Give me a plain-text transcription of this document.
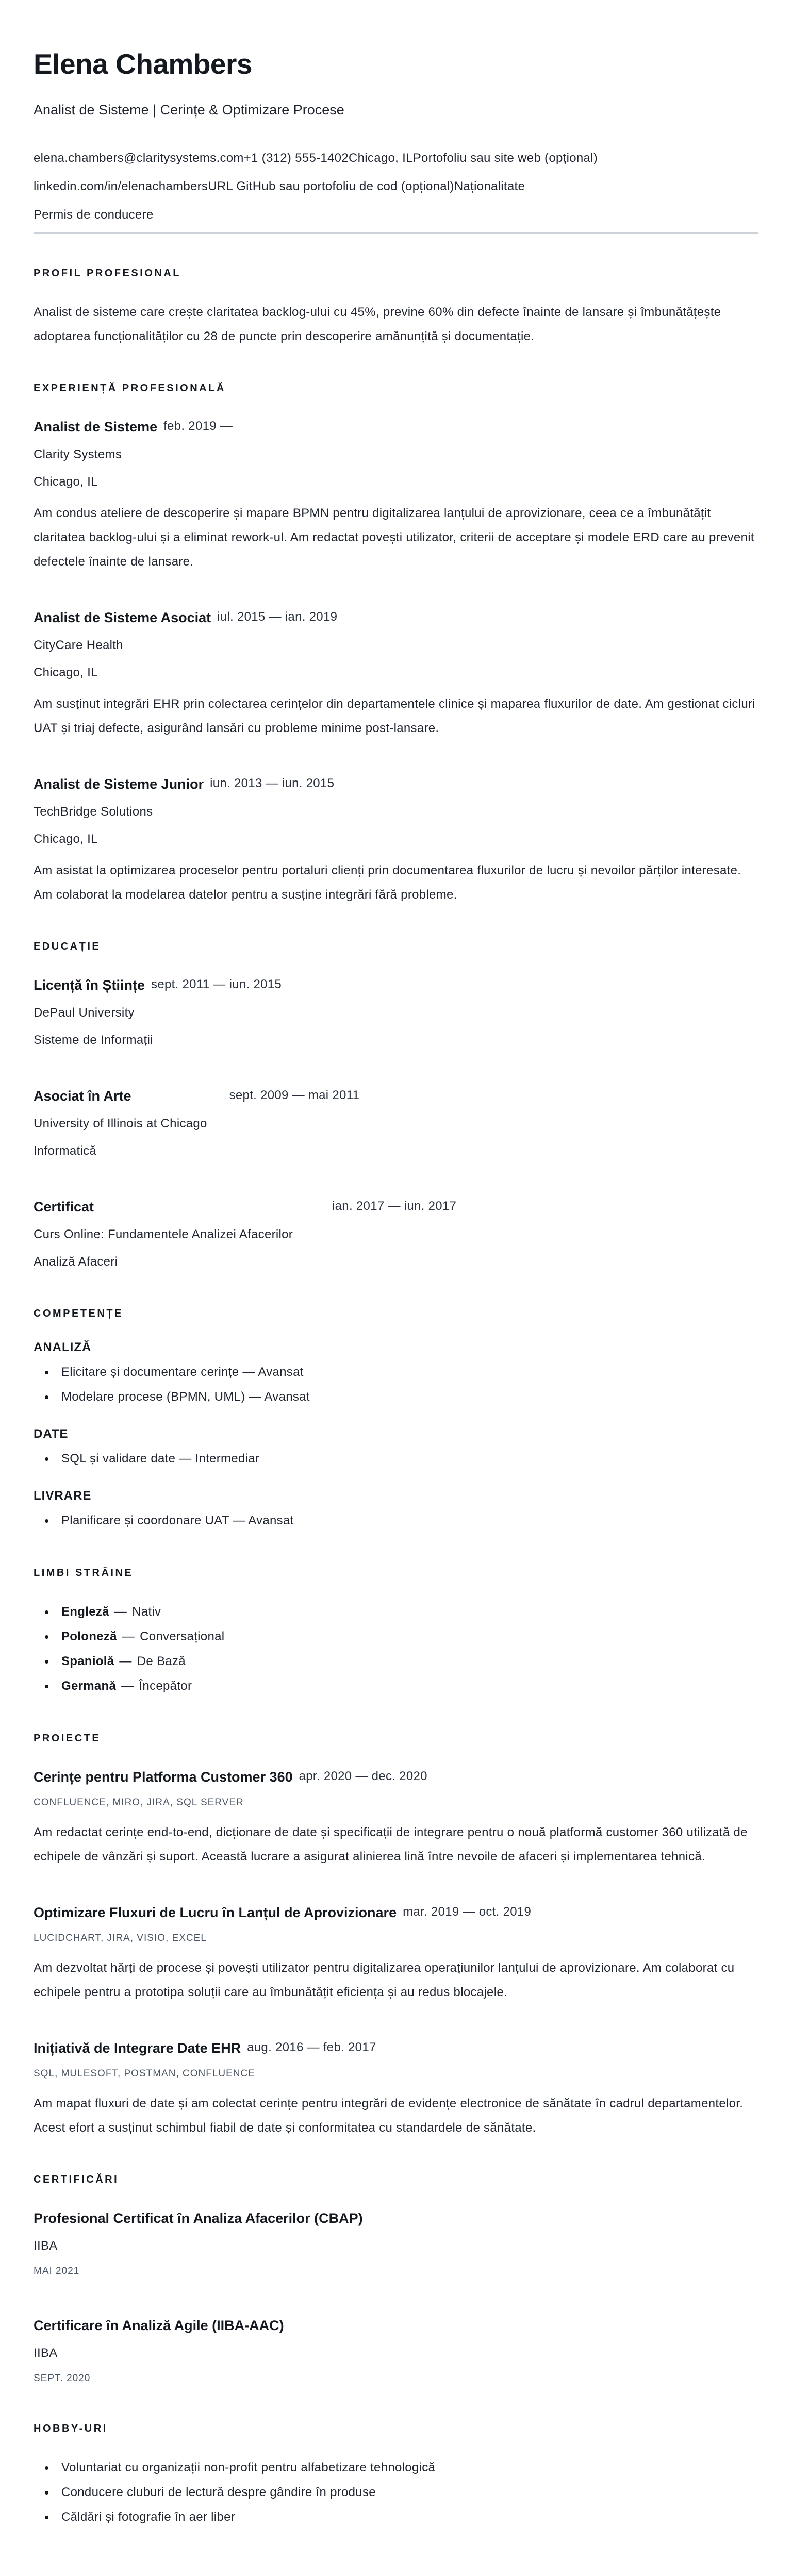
Elena Chambers

Analist de Sisteme | Cerințe & Optimizare Procese

elena.chambers@claritysystems.com+1 (312) 555-1402Chicago, ILPortofoliu sau site web (opțional)

linkedin.com/in/elenachambersURL GitHub sau portofoliu de cod (opțional)Naționalitate

Permis de conducere

PROFIL PROFESIONAL

Analist de sisteme care crește claritatea backlog-ului cu 45%, previne 60% din defecte înainte de lansare și îmbunătățește adoptarea funcționalităților cu 28 de puncte prin descoperire amănunțită și documentație.

EXPERIENȚĂ PROFESIONALĂ
Analist de Sisteme feb. 2019 —

Clarity Systems

Chicago, IL

Am condus ateliere de descoperire și mapare BPMN pentru digitalizarea lanțului de aprovizionare, ceea ce a îmbunătățit claritatea backlog-ului și a eliminat rework-ul. Am redactat povești utilizator, criterii de acceptare și modele ERD care au prevenit defectele înainte de lansare.

Analist de Sisteme Asociat iul. 2015 — ian. 2019

CityCare Health

Chicago, IL

Am susținut integrări EHR prin colectarea cerințelor din departamentele clinice și maparea fluxurilor de date. Am gestionat cicluri UAT și triaj defecte, asigurând lansări cu probleme minime post-lansare.

Analist de Sisteme Junior iun. 2013 — iun. 2015

TechBridge Solutions

Chicago, IL

Am asistat la optimizarea proceselor pentru portaluri clienți prin documentarea fluxurilor de lucru și nevoilor părților interesate. Am colaborat la modelarea datelor pentru a susține integrări fără probleme.

EDUCAȚIE
Licență în Științe sept. 2011 — iun. 2015

DePaul University

Sisteme de Informații

Asociat în Arte	sept. 2009 — mai 2011

University of Illinois at Chicago

Informatică

Certificat	ian. 2017 — iun. 2017

Curs Online: Fundamentele Analizei Afacerilor

Analiză Afaceri

COMPETENȚE
ANALIZĂ
• Elicitare și documentare cerințe — Avansat
• Modelare procese (BPMN, UML) — Avansat
DATE
• SQL și validare date — Intermediar
LIVRARE
• Planificare și coordonare UAT — Avansat
LIMBI STRĂINE
• Engleză — Nativ
• Poloneză — Conversațional
• Spaniolă — De Bază
• Germană — Începător
PROIECTE
Cerințe pentru Platforma Customer 360 apr. 2020 — dec. 2020

CONFLUENCE, MIRO, JIRA, SQL SERVER

Am redactat cerințe end-to-end, dicționare de date și specificații de integrare pentru o nouă platformă customer 360 utilizată de echipele de vânzări și suport. Această lucrare a asigurat alinierea lină între nevoile de afaceri și implementarea tehnică.

Optimizare Fluxuri de Lucru în Lanțul de Aprovizionare mar. 2019 — oct. 2019

LUCIDCHART, JIRA, VISIO, EXCEL

Am dezvoltat hărți de procese și povești utilizator pentru digitalizarea operațiunilor lanțului de aprovizionare. Am colaborat cu echipele pentru a prototipa soluții care au îmbunătățit eficiența și au redus blocajele.

Inițiativă de Integrare Date EHR aug. 2016 — feb. 2017

SQL, MULESOFT, POSTMAN, CONFLUENCE

Am mapat fluxuri de date și am colectat cerințe pentru integrări de evidențe electronice de sănătate în cadrul departamentelor. Acest efort a susținut schimbul fiabil de date și conformitatea cu standardele de sănătate.

CERTIFICĂRI
Profesional Certificat în Analiza Afacerilor (CBAP)

IIBA

MAI 2021

Certificare în Analiză Agile (IIBA-AAC)

IIBA

SEPT. 2020

HOBBY-URI
• Voluntariat cu organizații non-profit pentru alfabetizare tehnologică
• Conducere cluburi de lectură despre gândire în produse
• Căldări și fotografie în aer liber
